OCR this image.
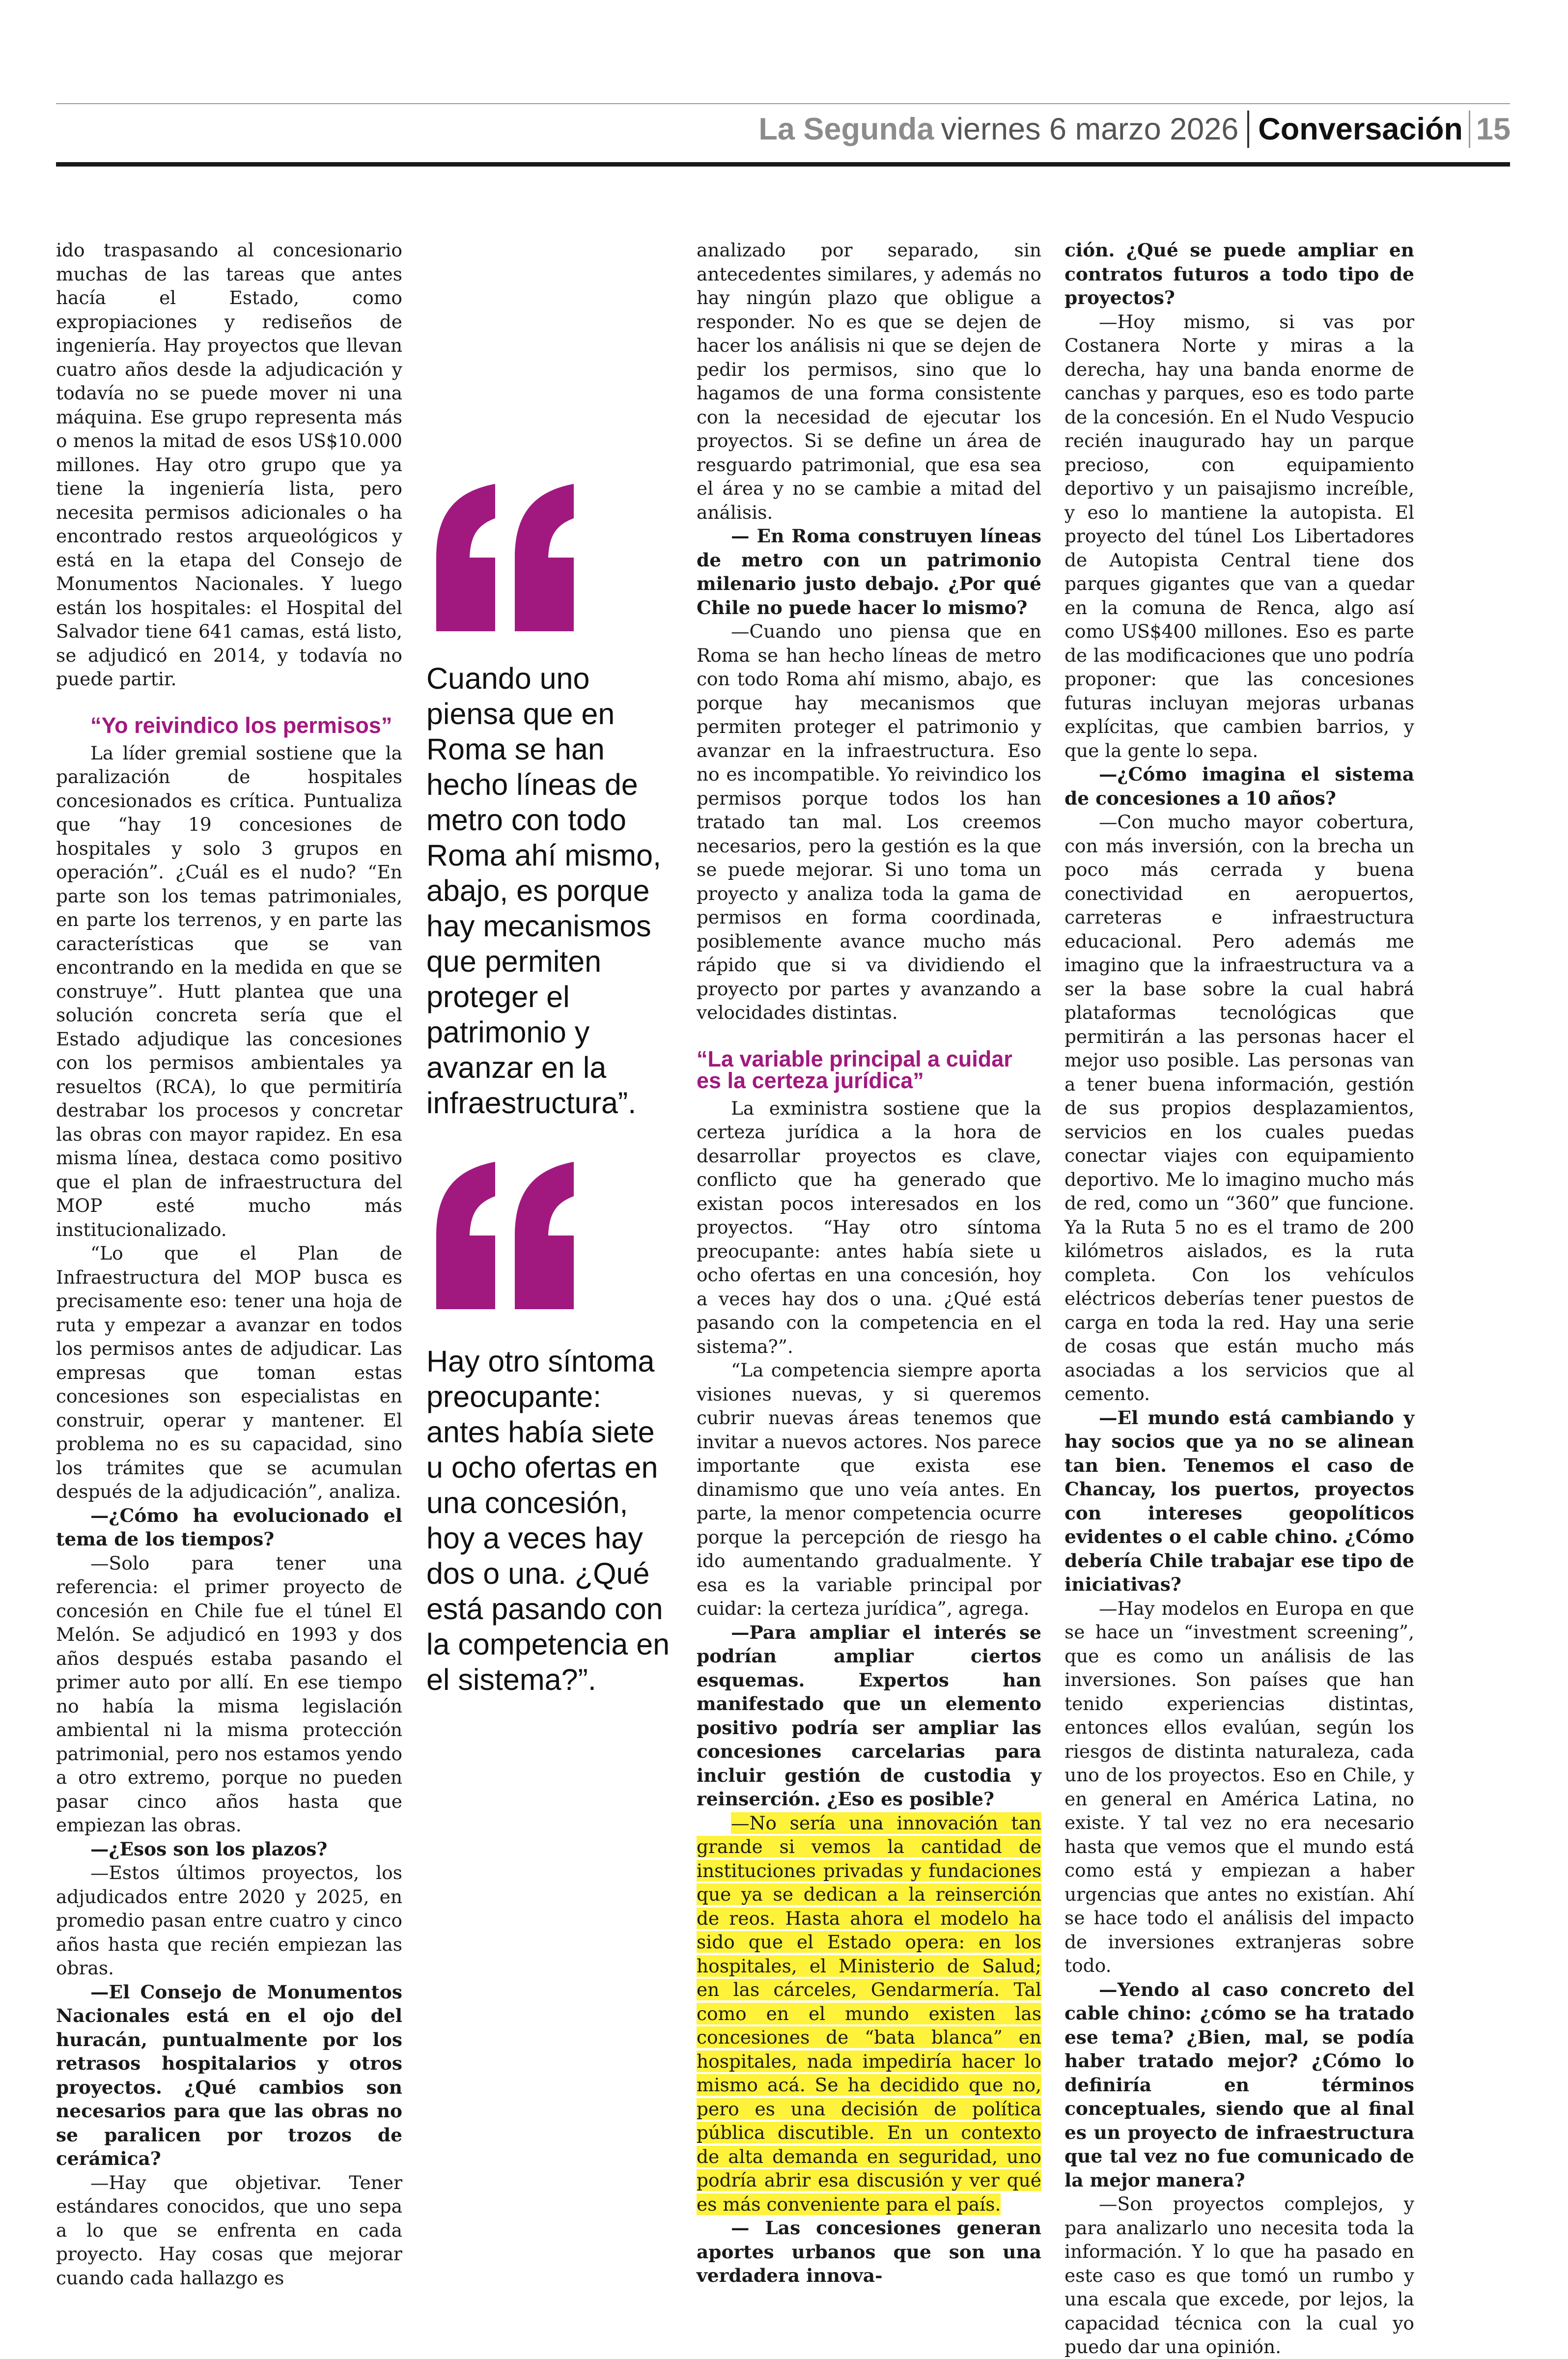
La Segunda viernes 6 marzo 2026 Conversación 15

ido traspasando al concesionario muchas de las tareas que antes hacía el Estado, como expropiaciones y rediseños de ingeniería. Hay proyectos que llevan cuatro años desde la adjudicación y todavía no se puede mover ni una máquina. Ese grupo representa más o menos la mitad de esos US$10.000 millones. Hay otro grupo que ya tiene la ingeniería lista, pero necesita permisos adicionales o ha encontrado restos arqueológicos y está en la etapa del Consejo de Monumentos Nacionales. Y luego están los hospitales: el Hospital del Salvador tiene 641 camas, está listo, se adjudicó en 2014, y todavía no puede partir.

“Yo reivindico los permisos”

La líder gremial sostiene que la paralización de hospitales concesionados es crítica. Puntualiza que “hay 19 concesiones de hospitales y solo 3 grupos en operación”. ¿Cuál es el nudo? “En parte son los temas patrimoniales, en parte los terrenos, y en parte las características que se van encontrando en la medida en que se construye”. Hutt plantea que una solución concreta sería que el Estado adjudique las concesiones con los permisos ambientales ya resueltos (RCA), lo que permitiría destrabar los procesos y concretar las obras con mayor rapidez. En esa misma línea, destaca como positivo que el plan de infraestructura del MOP esté mucho más institucionalizado.

“Lo que el Plan de Infraestructura del MOP busca es precisamente eso: tener una hoja de ruta y empezar a avanzar en todos los permisos antes de adjudicar. Las empresas que toman estas concesiones son especialistas en construir, operar y mantener. El problema no es su capacidad, sino los trámites que se acumulan después de la adjudicación”, analiza.

—¿Cómo ha evolucionado el tema de los tiempos?

—Solo para tener una referencia: el primer proyecto de concesión en Chile fue el túnel El Melón. Se adjudicó en 1993 y dos años después estaba pasando el primer auto por allí. En ese tiempo no había la misma legislación ambiental ni la misma protección patrimonial, pero nos estamos yendo a otro extremo, porque no pueden pasar cinco años hasta que empiezan las obras.

—¿Esos son los plazos?

—Estos últimos proyectos, los adjudicados entre 2020 y 2025, en promedio pasan entre cuatro y cinco años hasta que recién empiezan las obras.

—El Consejo de Monumentos Nacionales está en el ojo del huracán, puntualmente por los retrasos hospitalarios y otros proyectos. ¿Qué cambios son necesarios para que las obras no se paralicen por trozos de cerámica?

—Hay que objetivar. Tener estándares conocidos, que uno sepa a lo que se enfrenta en cada proyecto. Hay cosas que mejorar cuando cada hallazgo es

Cuando uno piensa que en Roma se han hecho líneas de metro con todo Roma ahí mismo, abajo, es porque hay mecanismos que permiten proteger el patrimonio y avanzar en la infraestructura”.
Hay otro síntoma preocupante: antes había siete u ocho ofertas en una concesión, hoy a veces hay dos o una. ¿Qué está pasando con la competencia en el sistema?”.

analizado por separado, sin antecedentes similares, y además no hay ningún plazo que obligue a responder. No es que se dejen de hacer los análisis ni que se dejen de pedir los permisos, sino que lo hagamos de una forma consistente con la necesidad de ejecutar los proyectos. Si se define un área de resguardo patrimonial, que esa sea el área y no se cambie a mitad del análisis.

— En Roma construyen líneas de metro con un patrimonio milenario justo debajo. ¿Por qué Chile no puede hacer lo mismo?

—Cuando uno piensa que en Roma se han hecho líneas de metro con todo Roma ahí mismo, abajo, es porque hay mecanismos que permiten proteger el patrimonio y avanzar en la infraestructura. Eso no es incompatible. Yo reivindico los permisos porque todos los han tratado tan mal. Los creemos necesarios, pero la gestión es la que se puede mejorar. Si uno toma un proyecto y analiza toda la gama de permisos en forma coordinada, posiblemente avance mucho más rápido que si va dividiendo el proyecto por partes y avanzando a velocidades distintas.

“La variable principal a cuidar es la certeza jurídica”

La exministra sostiene que la certeza jurídica a la hora de desarrollar proyectos es clave, conflicto que ha generado que existan pocos interesados en los proyectos. “Hay otro síntoma preocupante: antes había siete u ocho ofertas en una concesión, hoy a veces hay dos o una. ¿Qué está pasando con la competencia en el sistema?”.

“La competencia siempre aporta visiones nuevas, y si queremos cubrir nuevas áreas tenemos que invitar a nuevos actores. Nos parece importante que exista ese dinamismo que uno veía antes. En parte, la menor competencia ocurre porque la percepción de riesgo ha ido aumentando gradualmente. Y esa es la variable principal por cuidar: la certeza jurídica”, agrega.

—Para ampliar el interés se podrían ampliar ciertos esquemas. Expertos han manifestado que un elemento positivo podría ser ampliar las concesiones carcelarias para incluir gestión de custodia y reinserción. ¿Eso es posible?

—No sería una innovación tan grande si vemos la cantidad de instituciones privadas y fundaciones que ya se dedican a la reinserción de reos. Hasta ahora el modelo ha sido que el Estado opera: en los hospitales, el Ministerio de Salud; en las cárceles, Gendarmería. Tal como en el mundo existen las concesiones de “bata blanca” en hospitales, nada impediría hacer lo mismo acá. Se ha decidido que no, pero es una decisión de política pública discutible. En un contexto de alta demanda en seguridad, uno podría abrir esa discusión y ver qué es más conveniente para el país.

— Las concesiones generan aportes urbanos que son una verdadera innova-

ción. ¿Qué se puede ampliar en contratos futuros a todo tipo de proyectos?

—Hoy mismo, si vas por Costanera Norte y miras a la derecha, hay una banda enorme de canchas y parques, eso es todo parte de la concesión. En el Nudo Vespucio recién inaugurado hay un parque precioso, con equipamiento deportivo y un paisajismo increíble, y eso lo mantiene la autopista. El proyecto del túnel Los Libertadores de Autopista Central tiene dos parques gigantes que van a quedar en la comuna de Renca, algo así como US$400 millones. Eso es parte de las modificaciones que uno podría proponer: que las concesiones futuras incluyan mejoras urbanas explícitas, que cambien barrios, y que la gente lo sepa.

—¿Cómo imagina el sistema de concesiones a 10 años?

—Con mucho mayor cobertura, con más inversión, con la brecha un poco más cerrada y buena conectividad en aeropuertos, carreteras e infraestructura educacional. Pero además me imagino que la infraestructura va a ser la base sobre la cual habrá plataformas tecnológicas que permitirán a las personas hacer el mejor uso posible. Las personas van a tener buena información, gestión de sus propios desplazamientos, servicios en los cuales puedas conectar viajes con equipamiento deportivo. Me lo imagino mucho más de red, como un “360” que funcione. Ya la Ruta 5 no es el tramo de 200 kilómetros aislados, es la ruta completa. Con los vehículos eléctricos deberías tener puestos de carga en toda la red. Hay una serie de cosas que están mucho más asociadas a los servicios que al cemento.

—El mundo está cambiando y hay socios que ya no se alinean tan bien. Tenemos el caso de Chancay, los puertos, proyectos con intereses geopolíticos evidentes o el cable chino. ¿Cómo debería Chile trabajar ese tipo de iniciativas?

—Hay modelos en Europa en que se hace un “investment screening”, que es como un análisis de las inversiones. Son países que han tenido experiencias distintas, entonces ellos evalúan, según los riesgos de distinta naturaleza, cada uno de los proyectos. Eso en Chile, y en general en América Latina, no existe. Y tal vez no era necesario hasta que vemos que el mundo está como está y empiezan a haber urgencias que antes no existían. Ahí se hace todo el análisis del impacto de inversiones extranjeras sobre todo.

—Yendo al caso concreto del cable chino: ¿cómo se ha tratado ese tema? ¿Bien, mal, se podía haber tratado mejor? ¿Cómo lo definiría en términos conceptuales, siendo que al final es un proyecto de infraestructura que tal vez no fue comunicado de la mejor manera?

—Son proyectos complejos, y para analizarlo uno necesita toda la información. Y lo que ha pasado en este caso es que tomó un rumbo y una escala que excede, por lejos, la capacidad técnica con la cual yo puedo dar una opinión.
